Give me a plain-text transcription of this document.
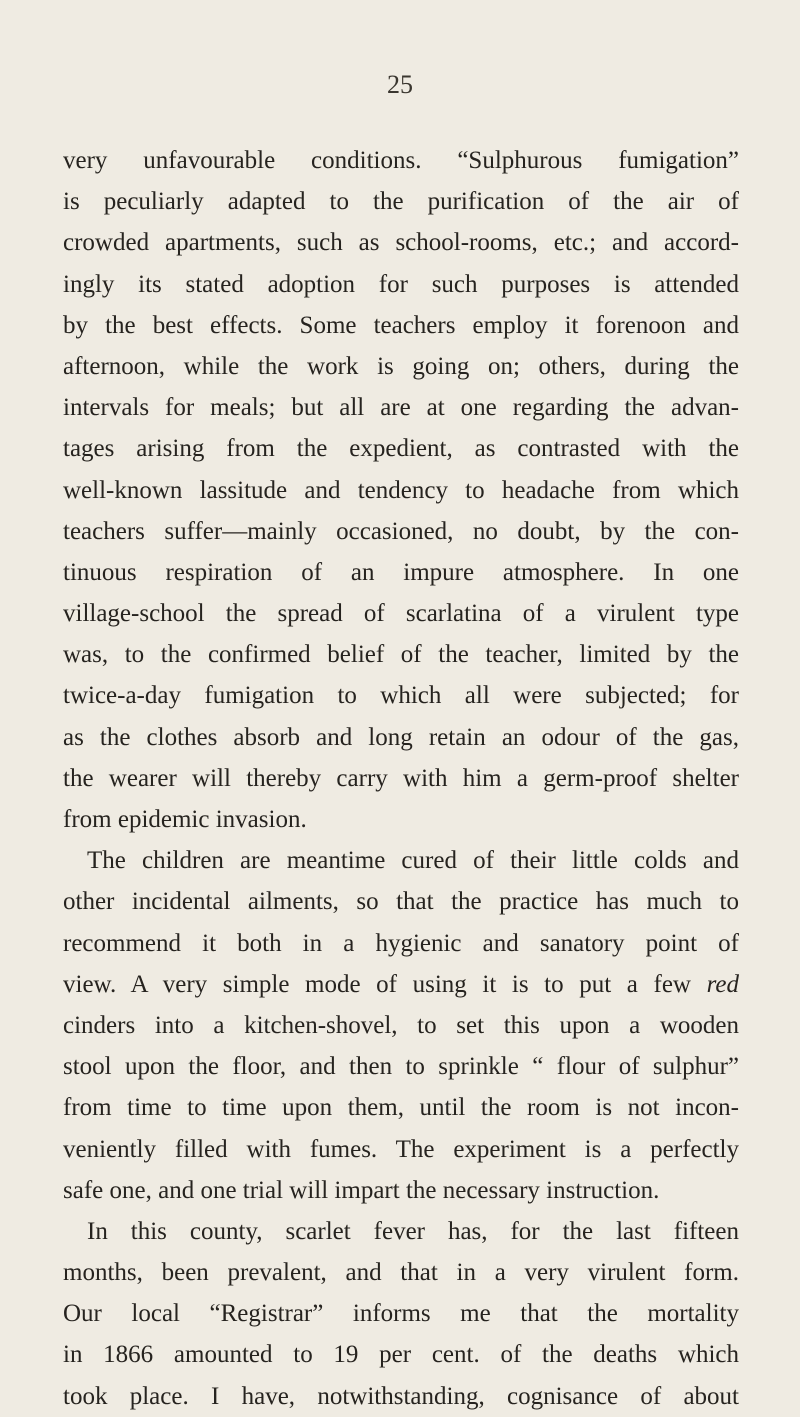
25
very unfavourable conditions. “Sulphurous fumigation”
is peculiarly adapted to the purification of the air of
crowded apartments, such as school-rooms, etc.; and accord-
ingly its stated adoption for such purposes is attended
by the best effects. Some teachers employ it forenoon and
afternoon, while the work is going on; others, during the
intervals for meals; but all are at one regarding the advan-
tages arising from the expedient, as contrasted with the
well-known lassitude and tendency to headache from which
teachers suffer—mainly occasioned, no doubt, by the con-
tinuous respiration of an impure atmosphere. In one
village-school the spread of scarlatina of a virulent type
was, to the confirmed belief of the teacher, limited by the
twice-a-day fumigation to which all were subjected; for
as the clothes absorb and long retain an odour of the gas,
the wearer will thereby carry with him a germ-proof shelter
from epidemic invasion.
The children are meantime cured of their little colds and
other incidental ailments, so that the practice has much to
recommend it both in a hygienic and sanatory point of
view. A very simple mode of using it is to put a few red
cinders into a kitchen-shovel, to set this upon a wooden
stool upon the floor, and then to sprinkle “ flour of sulphur”
from time to time upon them, until the room is not incon-
veniently filled with fumes. The experiment is a perfectly
safe one, and one trial will impart the necessary instruction.
In this county, scarlet fever has, for the last fifteen
months, been prevalent, and that in a very virulent form.
Our local “Registrar” informs me that the mortality
in 1866 amounted to 19 per cent. of the deaths which
took place. I have, notwithstanding, cognisance of about
